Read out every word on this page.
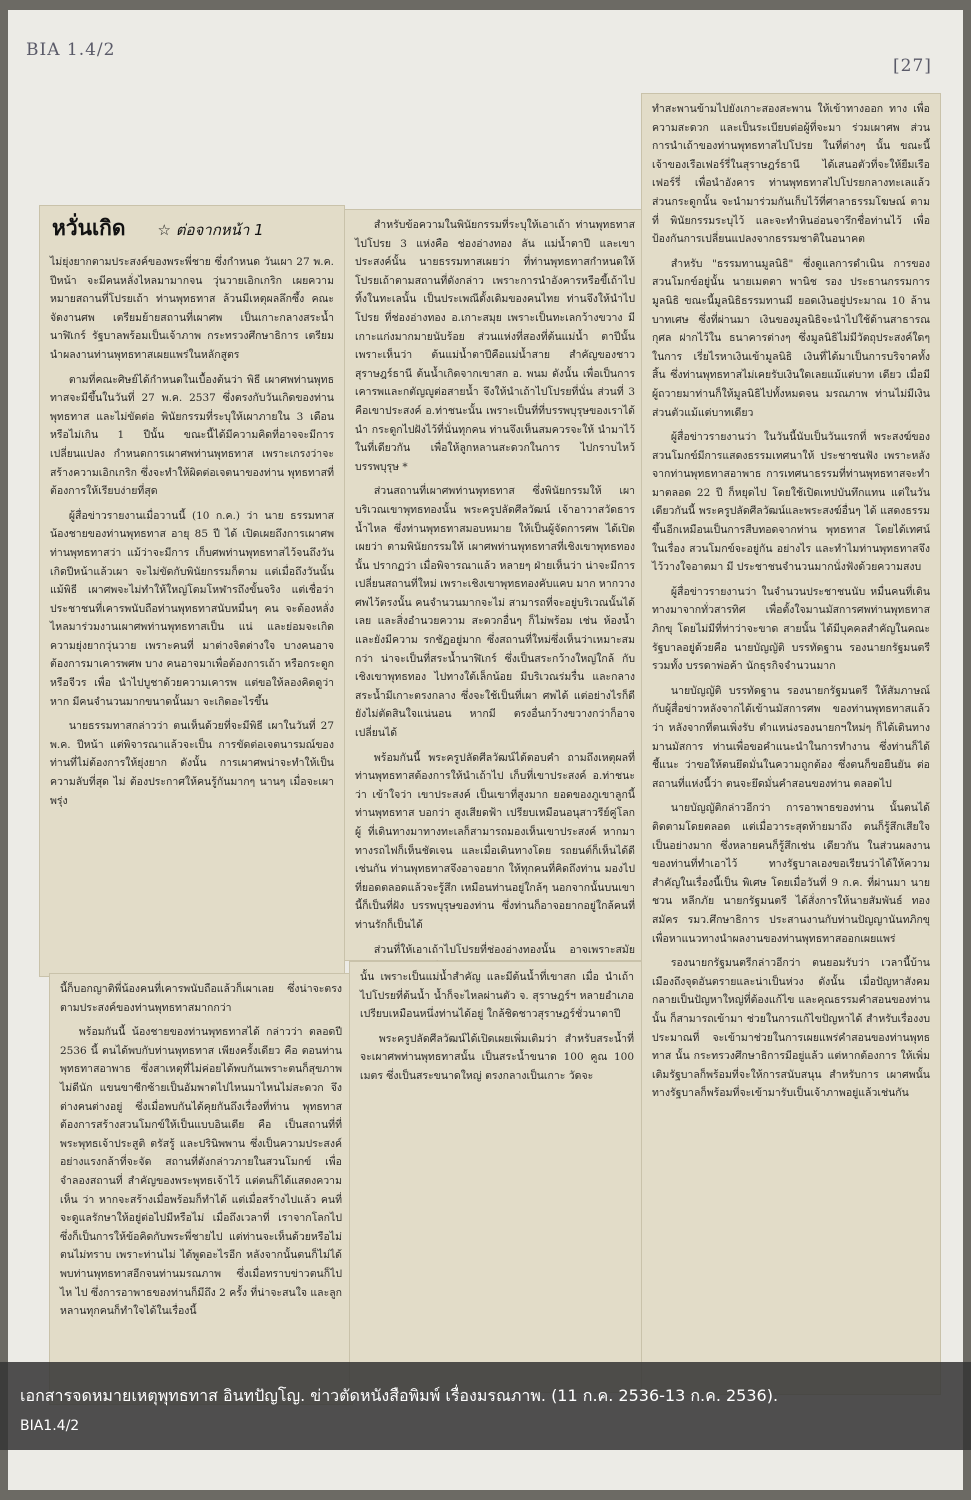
BIA 1.4/2
[27]
หวั่นเกิด ☆ ต่อจากหน้า 1

ไม่ยุ่งยากตามประสงค์ของพระพี่ชาย ซึ่งกำหนด วันเผา 27 พ.ค. ปีหน้า จะมีคนหลั่งไหลมามากจน วุ่นวายเอิกเกริก เผยความหมายสถานที่โปรยเถ้า ท่านพุทธทาส ล้วนมีเหตุผลลึกซึ้ง คณะจัดงานศพ เตรียมย้ายสถานที่เผาศพ เป็นเกาะกลางสระน้ำนาฬิเกร์ รัฐบาลพร้อมเป็นเจ้าภาพ กระทรวงศึกษาธิการ เตรียมนำผลงานท่านพุทธทาสเผยแพร่ในหลักสูตร

ตามที่คณะศิษย์ได้กำหนดในเบื้องต้นว่า พิธี เผาศพท่านพุทธทาสจะมีขึ้นในวันที่ 27 พ.ค. 2537 ซึ่งตรงกับวันเกิดของท่านพุทธทาส และไม่ขัดต่อ พินัยกรรมที่ระบุให้เผาภายใน 3 เดือน หรือไม่เกิน 1 ปีนั้น ขณะนี้ได้มีความคิดที่อาจจะมีการเปลี่ยนแปลง กำหนดการเผาศพท่านพุทธทาส เพราะเกรงว่าจะ สร้างความเอิกเกริก ซึ่งจะทำให้ผิดต่อเจตนาของท่าน พุทธทาสที่ต้องการให้เรียบง่ายที่สุด

ผู้สื่อข่าวรายงานเมื่อวานนี้ (10 ก.ค.) ว่า นาย ธรรมทาส น้องชายของท่านพุทธทาส อายุ 85 ปี ได้ เปิดเผยถึงการเผาศพท่านพุทธทาสว่า แม้ว่าจะมีการ เก็บศพท่านพุทธทาสไว้จนถึงวันเกิดปีหน้าแล้วเผา จะไม่ขัดกับพินัยกรรมก็ตาม แต่เมื่อถึงวันนั้น แม้พิธี เผาศพจะไม่ทำให้ใหญ่โตมโหฬารถึงขั้นจริง แต่เชื่อว่า ประชาชนที่เคารพนับถือท่านพุทธทาสนับหมื่นๆ คน จะต้องหลั่งไหลมาร่วมงานเผาศพท่านพุทธทาสเป็น แน่ และย่อมจะเกิดความยุ่งยากวุ่นวาย เพราะคนที่ มาต่างจิตต่างใจ บางคนอาจต้องการมาเคารพศพ บาง คนอาจมาเพื่อต้องการเถ้า หรือกระดูก หรือจีวร เพื่อ นำไปบูชาด้วยความเคารพ แต่ขอให้ลองคิดดูว่า หาก มีคนจำนวนมากขนาดนั้นมา จะเกิดอะไรขึ้น

นายธรรมทาสกล่าวว่า ตนเห็นด้วยที่จะมีพิธี เผาในวันที่ 27 พ.ค. ปีหน้า แต่พิจารณาแล้วจะเป็น การขัดต่อเจตนารมณ์ของท่านที่ไม่ต้องการให้ยุ่งยาก ดังนั้น การเผาศพน่าจะทำให้เป็นความลับที่สุด ไม่ ต้องประกาศให้คนรู้กันมากๆ นานๆ เมื่อจะเผาพรุ่ง

นี้ก็บอกญาติพี่น้องคนที่เคารพนับถือแล้วก็เผาเลย ซึ่งน่าจะตรงตามประสงค์ของท่านพุทธทาสมากกว่า

พร้อมกันนี้ น้องชายของท่านพุทธทาสได้ กล่าวว่า ตลอดปี 2536 นี้ ตนได้พบกับท่านพุทธทาส เพียงครั้งเดียว คือ ตอนท่านพุทธทาสอาพาธ ซึ่งสาเหตุที่ไม่ค่อยได้พบกันเพราะตนก็สุขภาพไม่ดีนัก แขนขาซีกซ้ายเป็นอัมพาตไปไหนมาไหนไม่สะดวก จึงต่างคนต่างอยู่ ซึ่งเมื่อพบกันได้คุยกันถึงเรื่องที่ท่าน พุทธทาสต้องการสร้างสวนโมกข์ให้เป็นแบบอินเดีย คือ เป็นสถานที่ที่พระพุทธเจ้าประสูติ ตรัสรู้ และปรินิพพาน ซึ่งเป็นความประสงค์อย่างแรงกล้าที่จะจัด สถานที่ดังกล่าวภายในสวนโมกข์ เพื่อจำลองสถานที่ สำคัญของพระพุทธเจ้าไว้ แต่ตนก็ได้แสดงความเห็น ว่า หากจะสร้างเมื่อพร้อมก็ทำได้ แต่เมื่อสร้างไปแล้ว คนที่จะดูแลรักษาให้อยู่ต่อไปมีหรือไม่ เมื่อถึงเวลาที่ เราจากโลกไป ซึ่งก็เป็นการให้ข้อคิดกับพระพี่ชายไป แต่ท่านจะเห็นด้วยหรือไม่ตนไม่ทราบ เพราะท่านไม่ ได้พูดอะไรอีก หลังจากนั้นตนก็ไม่ได้พบท่านพุทธทาสอีกจนท่านมรณภาพ ซึ่งเมื่อทราบข่าวตนก็ไปไห ไป ซึ่งการอาพาธของท่านก็มีถึง 2 ครั้ง ที่น่าจะสนใจ และลูกหลานทุกคนก็ทำใจได้ในเรื่องนี้

สำหรับข้อความในพินัยกรรมที่ระบุให้เอาเถ้า ท่านพุทธทาสไปโปรย 3 แห่งคือ ช่องอ่างทอง ลัน แม่น้ำตาปี และเขาประสงค์นั้น นายธรรมทาสเผยว่า ที่ท่านพุทธทาสกำหนดให้โปรยเถ้าตามสถานที่ดังกล่าว เพราะการนำอังคารหรือขี้เถ้าไปทิ้งในทะเลนั้น เป็นประเพณีดั้งเดิมของคนไทย ท่านจึงให้นำไปโปรย ที่ช่องอ่างทอง อ.เกาะสมุย เพราะเป็นทะเลกว้างขวาง มีเกาะแก่งมากมายนับร้อย ส่วนแห่งที่สองที่ต้นแม่น้ำ ตาปีนั้น เพราะเห็นว่า ต้นแม่น้ำตาปีคือแม่น้ำสาย สำคัญของชาวสุราษฎร์ธานี ต้นน้ำเกิดจากเขาสก อ. พนม ดังนั้น เพื่อเป็นการเคารพและกตัญญูต่อสายน้ำ จึงให้นำเถ้าไปโปรยที่นั่น ส่วนที่ 3 คือเขาประสงค์ อ.ท่าชนะนั้น เพราะเป็นที่ที่บรรพบุรุษของเราได้นำ กระดูกไปฝังไว้ที่นั่นทุกคน ท่านจึงเห็นสมควรจะให้ นำมาไว้ในที่เดียวกัน เพื่อให้ลูกหลานสะดวกในการ ไปกราบไหว้บรรพบุรุษ *

ส่วนสถานที่เผาศพท่านพุทธทาส ซึ่งพินัยกรรมให้ เผาบริเวณเขาพุทธทองนั้น พระครูปลัดศีลวัฒน์ เจ้าอาวาสวัดธารน้ำไหล ซึ่งท่านพุทธทาสมอบหมาย ให้เป็นผู้จัดการศพ ได้เปิดเผยว่า ตามพินัยกรรมให้ เผาศพท่านพุทธทาสที่เชิงเขาพุทธทองนั้น ปรากฏว่า เมื่อพิจารณาแล้ว หลายๆ ฝ่ายเห็นว่า น่าจะมีการ เปลี่ยนสถานที่ใหม่ เพราะเชิงเขาพุทธทองคับแคบ มาก หากวางศพไว้ตรงนั้น คนจำนวนมากจะไม่ สามารถที่จะอยู่บริเวณนั้นได้เลย และสิ่งอำนวยความ สะดวกอื่นๆ ก็ไม่พร้อม เช่น ห้องน้ำ และยังมีความ รกชัฏอยู่มาก ซึ่งสถานที่ใหม่ซึ่งเห็นว่าเหมาะสมกว่า น่าจะเป็นที่สระน้ำนาฬิเกร์ ซึ่งเป็นสระกว้างใหญ่ใกล้ กับเชิงเขาพุทธทอง ไปทางใต้เล็กน้อย มีบริเวณร่มรื่น และกลางสระน้ำมีเกาะตรงกลาง ซึ่งจะใช้เป็นที่เผา ศพได้ แต่อย่างไรก็ดี ยังไม่ตัดสินใจแน่นอน หากมี ตรงอื่นกว้างขวางกว่าก็อาจเปลี่ยนได้

พร้อมกันนี้ พระครูปลัดศีลวัฒน์ได้ตอบคำ ถามถึงเหตุผลที่ท่านพุทธทาสต้องการให้นำเถ้าไป เก็บที่เขาประสงค์ อ.ท่าชนะ ว่า เข้าใจว่า เขาประสงค์ เป็นเขาที่สูงมาก ยอดของภูเขาลูกนี้ท่านพุทธทาส บอกว่า สูงเสียดฟ้า เปรียบเหมือนอนุสาวรีย์คู่โลก ผู้ ที่เดินทางมาทางทะเลก็สามารถมองเห็นเขาประสงค์ หากมาทางรถไฟก็เห็นชัดเจน และเมื่อเดินทางโดย รถยนต์ก็เห็นได้ดีเช่นกัน ท่านพุทธทาสจึงอาจอยาก ให้ทุกคนที่คิดถึงท่าน มองไปที่ยอดตลอดแล้วจะรู้สึก เหมือนท่านอยู่ใกล้ๆ นอกจากนั้นบนเขานี้ก็เป็นที่ฝัง บรรพบุรุษของท่าน ซึ่งท่านก็อาจอยากอยู่ใกล้คนที่ ท่านรักก็เป็นได้

ส่วนที่ให้เอาเถ้าไปโปรยที่ช่องอ่างทองนั้น อาจเพราะสมัย

นั้น เพราะเป็นแม่น้ำสำคัญ และมีต้นน้ำที่เขาสก เมื่อ นำเถ้าไปโปรยที่ต้นน้ำ น้ำก็จะไหลผ่านตัว จ. สุราษฎร์ฯ หลายอำเภอ เปรียบเหมือนหนึ่งท่านได้อยู่ ใกล้ชิดชาวสุราษฎร์ชั่วนาตาปี

พระครูปลัดศีลวัฒน์ได้เปิดเผยเพิ่มเติมว่า สำหรับสระน้ำที่จะเผาศพท่านพุทธทาสนั้น เป็นสระน้ำขนาด 100 คูณ 100 เมตร ซึ่งเป็นสระขนาดใหญ่ ตรงกลางเป็นเกาะ วัดจะ

ทำสะพานข้ามไปยังเกาะสองสะพาน ให้เข้าทางออก ทาง เพื่อความสะดวก และเป็นระเบียบต่อผู้ที่จะมา ร่วมเผาศพ ส่วนการนำเถ้าของท่านพุทธทาสไปโปรย ในที่ต่างๆ นั้น ขณะนี้ เจ้าของเรือเฟอร์รี่ในสุราษฎร์ธานี ได้เสนอตัวที่จะให้ยืมเรือเฟอร์รี่ เพื่อนำอังคาร ท่านพุทธทาสไปโปรยกลางทะเลแล้ว ส่วนกระดูกนั้น จะนำมาร่วมกันเก็บไว้ที่ศาลาธรรมโฆษณ์ ตามที่ พินัยกรรมระบุไว้ และจะทำหินอ่อนจารึกชื่อท่านไว้ เพื่อป้องกันการเปลี่ยนแปลงจากธรรมชาติในอนาคต

สำหรับ "ธรรมทานมูลนิธิ" ซึ่งดูแลการดำเนิน การของสวนโมกข์อยู่นั้น นายเมตตา พานิช รอง ประธานกรรมการมูลนิธิ ขณะนี้มูลนิธิธรรมทานมี ยอดเงินอยู่ประมาณ 10 ล้านบาทเศษ ซึ่งที่ผ่านมา เงินของมูลนิธิจะนำไปใช้ด้านสาธารณกุศล ฝากไว้ใน ธนาคารต่างๆ ซึ่งมูลนิธิไม่มีวัตถุประสงค์ใดๆ ในการ เรี่ยไรหาเงินเข้ามูลนิธิ เงินที่ได้มาเป็นการบริจาคทั้ง สิ้น ซึ่งท่านพุทธทาสไม่เคยรับเงินใดเลยแม้แต่บาท เดียว เมื่อมีผู้ถวายมาท่านก็ให้มูลนิธิไปทั้งหมดจน มรณภาพ ท่านไม่มีเงินส่วนตัวแม้แต่บาทเดียว

ผู้สื่อข่าวรายงานว่า ในวันนี้นับเป็นวันแรกที่ พระสงฆ์ของสวนโมกข์มีการแสดงธรรมเทศนาให้ ประชาชนฟัง เพราะหลังจากท่านพุทธทาสอาพาธ การเทศนาธรรมที่ท่านพุทธทาสจะทำมาตลอด 22 ปี ก็หยุดไป โดยใช้เปิดเทปบันทึกแทน แต่ในวัน เดียวกันนี้ พระครูปลัดศีลวัฒน์และพระสงฆ์อื่นๆ ได้ แสดงธรรมขึ้นอีกเหมือนเป็นการสืบทอดจากท่าน พุทธทาส โดยได้เทศน์ในเรื่อง สวนโมกข์จะอยู่กัน อย่างไร และทำไมท่านพุทธทาสจึงไว้วางใจอาตมา มี ประชาชนจำนวนมากนั่งฟังด้วยความสงบ

ผู้สื่อข่าวรายงานว่า ในจำนวนประชาชนนับ หมื่นคนที่เดินทางมาจากทั่วสารทิศ เพื่อตั้งใจมานมัสการศพท่านพุทธทาสภิกขุ โดยไม่มีที่ท่าว่าจะขาด สายนั้น ได้มีบุคคลสำคัญในคณะรัฐบาลอยู่ด้วยคือ นายบัญญัติ บรรทัดฐาน รองนายกรัฐมนตรี รวมทั้ง บรรดาพ่อค้า นักธุรกิจจำนวนมาก

นายบัญญัติ บรรทัดฐาน รองนายกรัฐมนตรี ให้สัมภาษณ์กับผู้สื่อข่าวหลังจากได้เข้านมัสการศพ ของท่านพุทธทาสแล้วว่า หลังจากที่ตนเพิ่งรับ ตำแหน่งรองนายกฯใหม่ๆ ก็ได้เดินทางมานมัสการ ท่านเพื่อขอคำแนะนำในการทำงาน ซึ่งท่านก็ได้ชี้แนะ ว่าขอให้ตนยึดมั่นในความถูกต้อง ซึ่งตนก็ขอยืนยัน ต่อสถานที่แห่งนี้ว่า ตนจะยึดมั่นคำสอนของท่าน ตลอดไป

นายบัญญัติกล่าวอีกว่า การอาพาธของท่าน นั้นตนได้ติดตามโดยตลอด แต่เมื่อวาระสุดท้ายมาถึง ตนก็รู้สึกเสียใจเป็นอย่างมาก ซึ่งหลายคนก็รู้สึกเช่น เดียวกัน ในส่วนผลงานของท่านที่ทำเอาไว้ ทางรัฐบาลเองขอเรียนว่าได้ให้ความสำคัญในเรื่องนี้เป็น พิเศษ โดยเมื่อวันที่ 9 ก.ค. ที่ผ่านมา นายชวน หลีกภัย นายกรัฐมนตรี ได้สั่งการให้นายสัมพันธ์ ทองสมัคร รมว.ศึกษาธิการ ประสานงานกับท่านปัญญานันทภิกขุ เพื่อหาแนวทางนำผลงานของท่านพุทธทาสออกเผยแพร่

รองนายกรัฐมนตรีกล่าวอีกว่า ตนยอมรับว่า เวลานี้บ้านเมืองถึงจุดอันตรายและน่าเป็นห่วง ดังนั้น เมื่อปัญหาสังคมกลายเป็นปัญหาใหญ่ที่ต้องแก้ไข และคุณธรรมคำสอนของท่านนั้น ก็สามารถเข้ามา ช่วยในการแก้ไขปัญหาได้ สำหรับเรื่องงบประมาณที่ จะเข้ามาช่วยในการเผยแพร่คำสอนของท่านพุทธทาส นั้น กระทรวงศึกษาธิการมีอยู่แล้ว แต่หากต้องการ ให้เพิ่มเติมรัฐบาลก็พร้อมที่จะให้การสนับสนุน สำหรับการ เผาศพนั้นทางรัฐบาลก็พร้อมที่จะเข้ามารับเป็นเจ้าภาพอยู่แล้วเช่นกัน

เอกสารจดหมายเหตุพุทธทาส อินทปัญโญ. ข่าวตัดหนังสือพิมพ์ เรื่องมรณภาพ. (11 ก.ค. 2536-13 ก.ค. 2536).
BIA1.4/2
